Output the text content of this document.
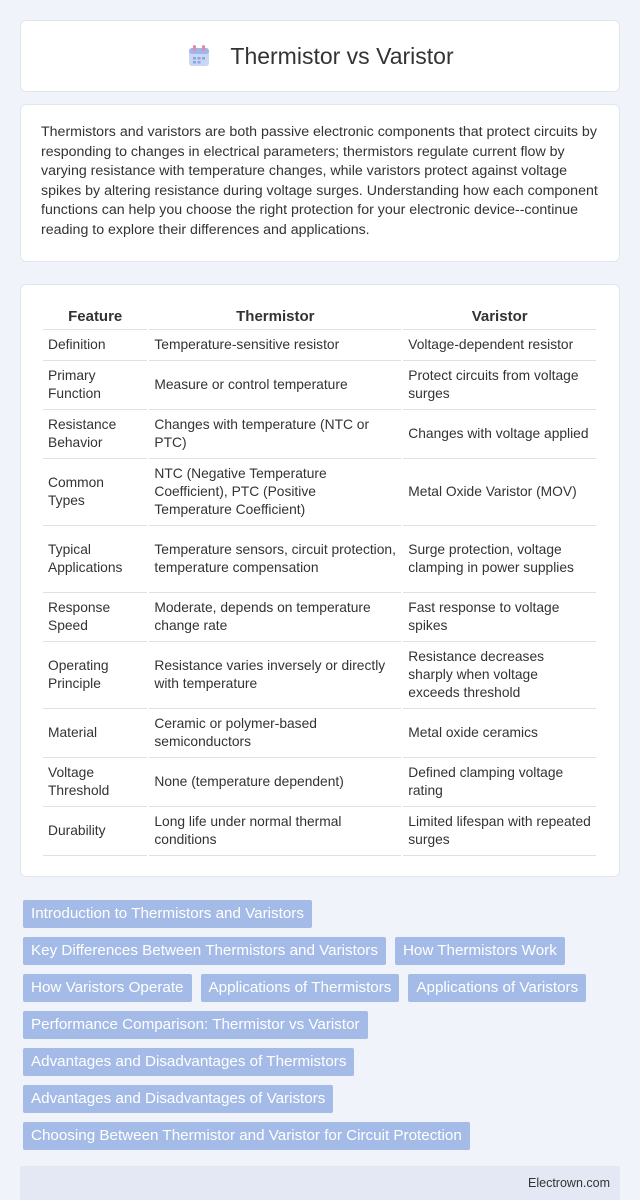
Thermistor vs Varistor

Thermistors and varistors are both passive electronic components that protect circuits by responding to changes in electrical parameters; thermistors regulate current flow by varying resistance with temperature changes, while varistors protect against voltage spikes by altering resistance during voltage surges. Understanding how each component functions can help you choose the right protection for your electronic device--continue reading to explore their differences and applications.

Feature	Thermistor	Varistor
Definition	Temperature-sensitive resistor	Voltage-dependent resistor
Primary Function	Measure or control temperature	Protect circuits from voltage surges
Resistance Behavior	Changes with temperature (NTC or PTC)	Changes with voltage applied
Common Types	NTC (Negative Temperature Coefficient), PTC (Positive Temperature Coefficient)	Metal Oxide Varistor (MOV)
Typical Applications	Temperature sensors, circuit protection, temperature compensation	Surge protection, voltage clamping in power supplies
Response Speed	Moderate, depends on temperature change rate	Fast response to voltage spikes
Operating Principle	Resistance varies inversely or directly with temperature	Resistance decreases sharply when voltage exceeds threshold
Material	Ceramic or polymer-based semiconductors	Metal oxide ceramics
Voltage Threshold	None (temperature dependent)	Defined clamping voltage rating
Durability	Long life under normal thermal conditions	Limited lifespan with repeated surges
Introduction to Thermistors and Varistors
Key Differences Between Thermistors and Varistors	How Thermistors Work
How Varistors Operate	Applications of Thermistors	Applications of Varistors
Performance Comparison: Thermistor vs Varistor
Advantages and Disadvantages of Thermistors
Advantages and Disadvantages of Varistors
Choosing Between Thermistor and Varistor for Circuit Protection
Electrown.com
